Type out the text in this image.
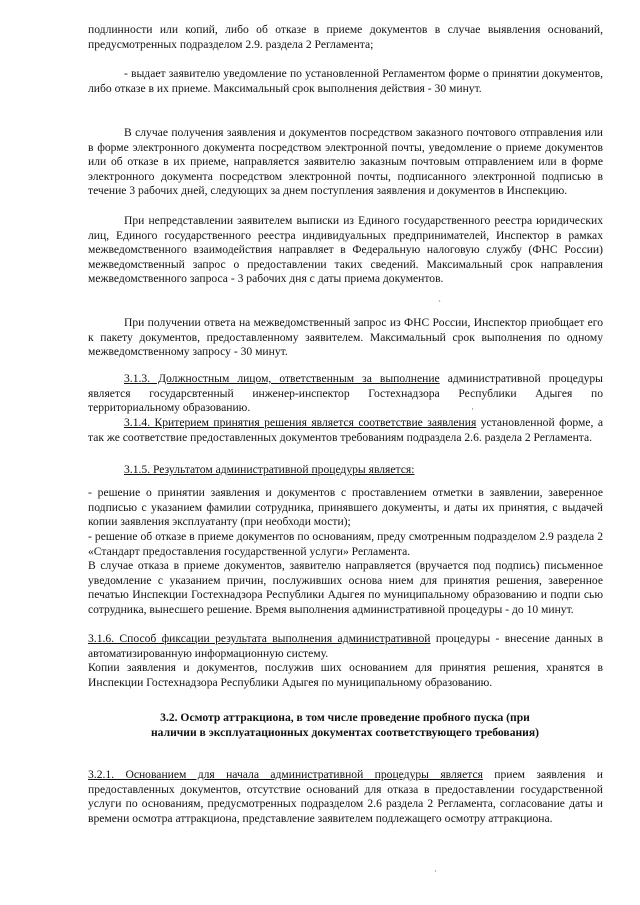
подлинности или копий, либо об отказе в приеме документов в случае выявления оснований, предусмотренных подразделом 2.9. раздела 2 Регламента;

- выдает заявителю уведомление по установленной Регламентом форме о принятии документов, либо отказе в их приеме. Максимальный срок выполнения действия - 30 минут.

В случае получения заявления и документов посредством заказного почтового отправления или в форме электронного документа посредством электронной почты, уведомление о приеме документов или об отказе в их приеме, направляется заявителю заказным почтовым отправлением или в форме электронного документа посредством электронной почты, подписанного электронной подписью в течение 3 рабочих дней, следующих за днем поступления заявления и документов в Инспекцию.

При непредставлении заявителем выписки из Единого государственного реестра юридических лиц, Единого государственного реестра индивидуальных предпринимателей, Инспектор в рамках межведомственного взаимодействия направляет в Федеральную налоговую службу (ФНС России) межведомственный запрос о предоставлении таких сведений. Максимальный срок направления межведомственного запроса - 3 рабочих дня с даты приема документов.

При получении ответа на межведомственный запрос из ФНС России, Инспектор приобщает его к пакету документов, предоставленному заявителем. Максимальный срок выполнения по одному межведомственному запросу - 30 минут.

3.1.3. Должностным лицом, ответственным за выполнение административной процедуры является государсвтенный инженер-инспектор Гостехнадзора Республики Адыгея по территориальному образованию.

3.1.4. Критерием принятия решения является соответствие заявления установленной форме, а так же соответствие предоставленных документов требованиям подраздела 2.6. раздела 2 Регламента.

3.1.5. Результатом административной процедуры является:

- решение о принятии заявления и документов с проставлением отметки в заявлении, заверенное подписью с указанием фамилии сотрудника, принявшего документы, и даты их принятия, с выдачей копии заявления эксплуатанту (при необходи мости);

- решение об отказе в приеме документов по основаниям, преду смотренным подразделом 2.9 раздела 2 «Стандарт предоставления государственной услуги» Регламента.

В случае отказа в приеме документов, заявителю направляется (вручается под подпись) письменное уведомление с указанием причин, послуживших основа нием для принятия решения, заверенное печатью Инспекции Гостехнадзора Республики Адыгея по муниципальному образованию и подпи сью сотрудника, вынесшего решение. Время выполнения административной процедуры - до 10 минут.

3.1.6. Способ фиксации результата выполнения административной процедуры - внесение данных в автоматизированную информационную систему.

Копии заявления и документов, послужив ших основанием для принятия решения, хранятся в Инспекции Гостехнадзора Республики Адыгея по муниципальному образованию.

3.2. Осмотр аттракциона, в том числе проведение пробного пуска (при наличии в эксплуатационных документах соответствующего требования)

3.2.1. Основанием для начала административной процедуры является прием заявления и предоставленных документов, отсутствие оснований для отказа в предоставлении государственной услуги по основаниям, предусмотренных подразделом 2.6 раздела 2 Регламента, согласование даты и времени осмотра аттракциона, представление заявителем подлежащего осмотру аттракциона.

ˏ
·
·
